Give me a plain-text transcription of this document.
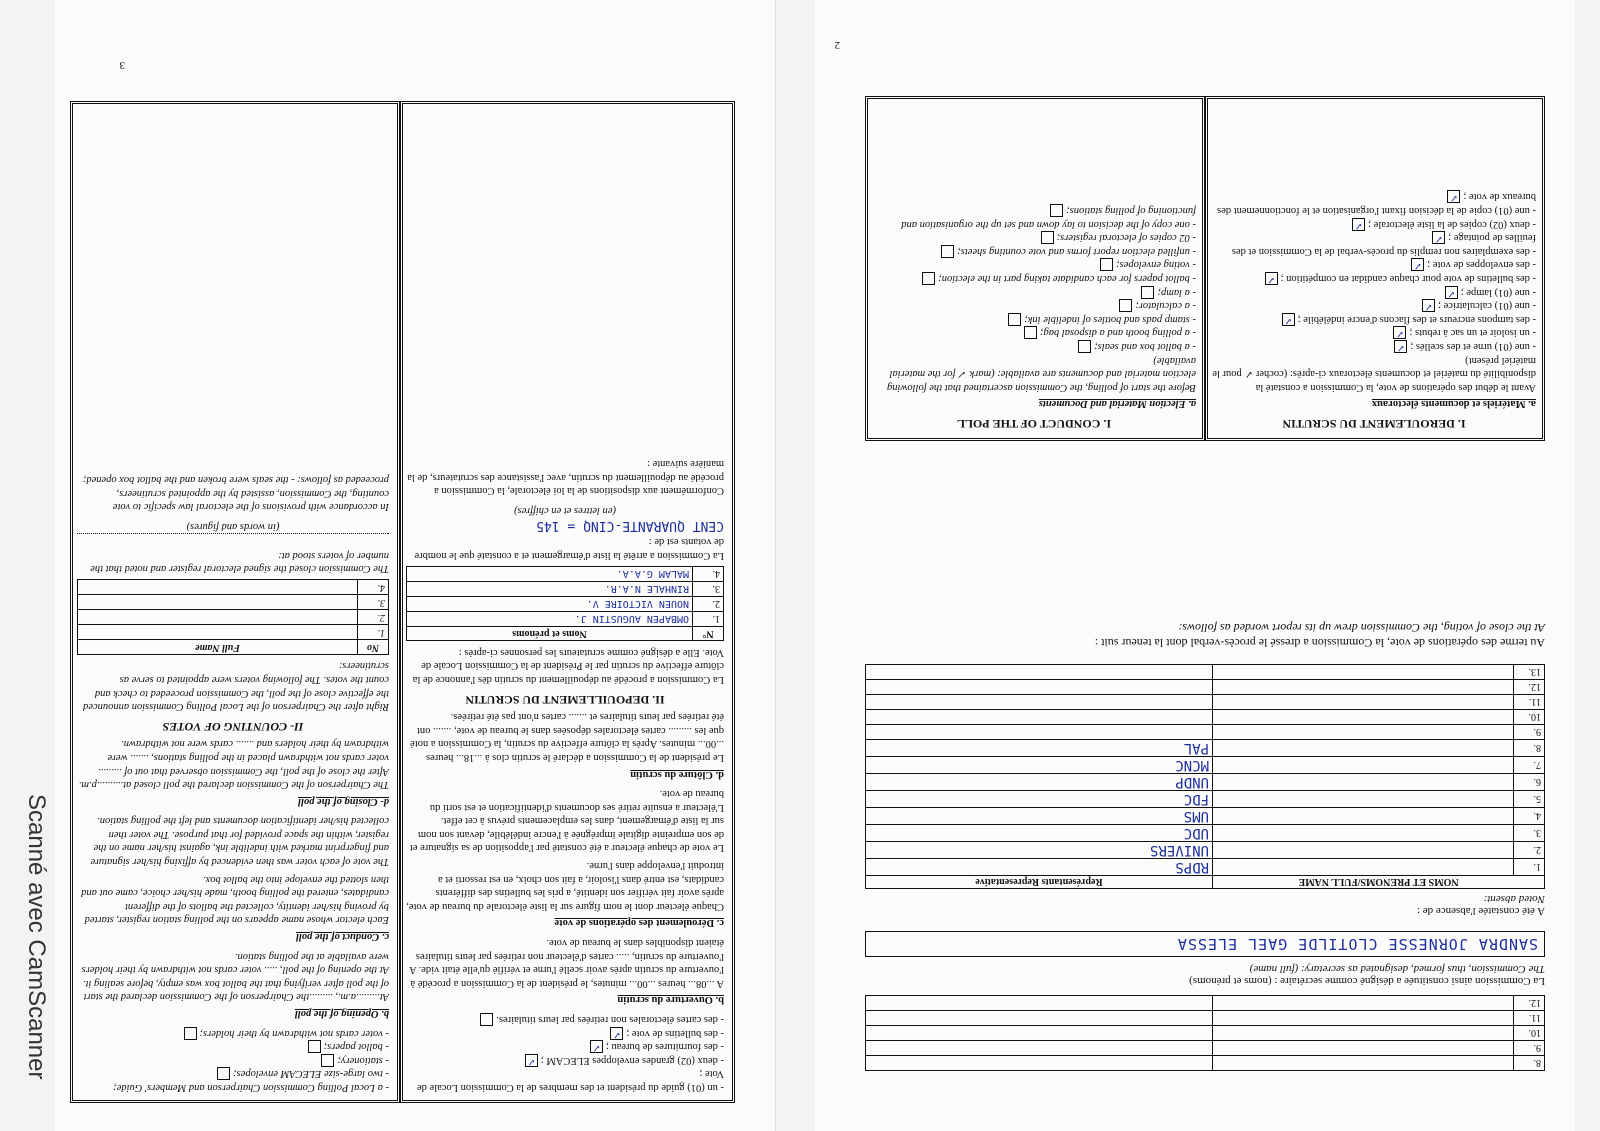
Scanné avec CamScanner
3
- un (01) guide du président et des membres de la Commission Locale de Vote ;
- deux (02) grandes enveloppes ELECAM ;✓
- des fournitures de bureau ;✓
- des bulletins de vote ;✓
- des cartes électorales non retirées par leurs titulaires.
b. Ouverture du scrutin
A ...08... heures ...00... minutes, le président de la Commission a procédé à l'ouverture du scrutin après avoir scellé l'urne et vérifié qu'elle était vide. A l'ouverture du scrutin, ..... cartes d'électeur non retirées par leurs titulaires étaient disponibles dans le bureau de vote.
c. Déroulement des opérations de vote
Chaque électeur dont le nom figure sur la liste électorale du bureau de vote, après avoir fait vérifier son identité, a pris les bulletins des différents candidats, est entré dans l'isoloir, a fait son choix, en est ressorti et a introduit l'enveloppe dans l'urne.
Le vote de chaque électeur a été constaté par l'apposition de sa signature et de son empreinte digitale imprégnée à l'encre indélébile, devant son nom sur la liste d'émargement, dans les emplacements prévus à cet effet. L'électeur a ensuite retiré ses documents d'identification et est sorti du bureau de vote.
d. Clôture du scrutin
Le président de la Commission a déclaré le scrutin clos à ...18... heures ...00... minutes. Après la clôture effective du scrutin, la Commission a noté que les ......... cartes électorales déposées dans le bureau de vote, ....... ont été retirées par leurs titulaires et ....... cartes n'ont pas été retirées.
II. DEPOUILLEMENT DU SCRUTIN
La Commission a procédé au dépouillement du scrutin dès l'annonce de la clôture effective du scrutin par le Président de la Commission Locale de Vote. Elle a désigné comme scrutateurs les personnes ci-après :
N°	Noms et prénoms
1.	OMBAPEN AUGUSTIN J.
2.	NOUEN VICTOIRE V.
3.	RINHALE N.A.R.
4.	MALAM G.A.A.
La Commission a arrêté la liste d'émargement et a constaté que le nombre de votants est de :
CENT QUARANTE-CINQ = 145
(en lettres et en chiffres)
Conformément aux dispositions de la loi électorale, la Commission a procédé au dépouillement du scrutin, avec l'assistance des scrutateurs, de la manière suivante :
- a Local Polling Commission Chairperson and Members' Guide;
- two large-size ELECAM envelopes;
- stationery;
- ballot papers;
- voter cards not withdrawn by their holders;
b. Opening of the poll
At.........a.m., .........the Chairperson of the Commission declared the start of the poll after verifying that the ballot box was empty, before sealing it. At the opening of the poll, ..... voter cards not withdrawn by their holders were available at the polling station.
c. Conduct of the poll
Each elector whose name appears on the polling station register, started by proving his/her identity, collected the ballots of the different candidates, entered the polling booth, made his/her choice, came out and then slotted the envelope into the ballot box.
The vote of each voter was then evidenced by affixing his/her signature and fingerprint marked with indelible ink, against his/her name on the register, within the space provided for that purpose. The voter then collected his/her identification documents and left the polling station.
d- Closing of the poll
The Chairperson of the Commission declared the poll closed at..........p.m. After the close of the poll, the Commission observed that out of ......... voter cards not withdrawn placed in the polling stations, ....... were withdrawn by their holders and ....... cards were not withdrawn.
II- COUNTING OF VOTES
Right after the Chairperson of the Local Polling Commission announced the effective close of the poll, the Commission proceeded to check and count the votes. The following voters were appointed to serve as scrutineers:
No	Full Name
1.	
2.	
3.	
4.	
The Commission closed the signed electoral register and noted that the number of voters stood at:
(in words and figures)
In accordance with provisions of the electoral law specific to vote counting, the Commission, assisted by the appointed scrutineers, proceeded as follows: - the seals were broken and the ballot box opened;
2
8.		
9.		
10.		
11.		
12.		
La Commission ainsi constituée a désigné comme secrétaire : (noms et prénoms)
The Commission, thus formed, designated as secretary: (full name)
SANDRA JORNESSE CLOTILDE GAEL ELESSA
A été constatée l'absence de :
Noted absent:
NOMS ET PRENOMS/FULL NAME		Représentants Representative
1.		RDPS
2.		UNIVERS
3.		UDC
4.		UMS
5.		FDC
6.		UNDP
7.		MCNC
8.		PAL
9.		
10.		
11.		
12.		
13.		
Au terme des opérations de vote, la Commission a dressé le procès-verbal dont la teneur suit :
At the close of voting, the Commission drew up its report worded as follows:
I. DEROULEMENT DU SCRUTIN
a. Matériels et documents électoraux
Avant le début des opérations de vote, la Commission a constaté la disponibilité du matériel et documents électoraux ci-après: (cocher ✓ pour le matériel présent)
- une (01) urne et des scellés ;✓
- un isoloir et un sac à rebuts ;✓
- des tampons encreurs et des flacons d'encre indélébile ;✓
- une (01) calculatrice ;✓
- une (01) lampe ;✓
- des bulletins de vote pour chaque candidat en compétition ;✓
- des enveloppes de vote ;✓
- des exemplaires non remplis du procès-verbal de la Commission et des feuilles de pointage ;✓
- deux (02) copies de la liste électorale ;✓
- une (01) copie de la décision fixant l'organisation et le fonctionnement des bureaux de vote ;✓
I. CONDUCT OF THE POLL
a. Election Material and Documents
Before the start of polling, the Commission ascertained that the following election material and documents are available: (mark ✓ for the material available)
- a ballot box and seals;
- a polling booth and a disposal bag;
- stamp pads and bottles of indelible ink;
- a calculator;
- a lamp;
- ballot papers for each candidate taking part in the election;
- voting envelopes;
- unfilled election report forms and vote counting sheets;
- 02 copies of electoral registers;
- one copy of the decision to lay down and set up the organisation and functioning of polling stations;
